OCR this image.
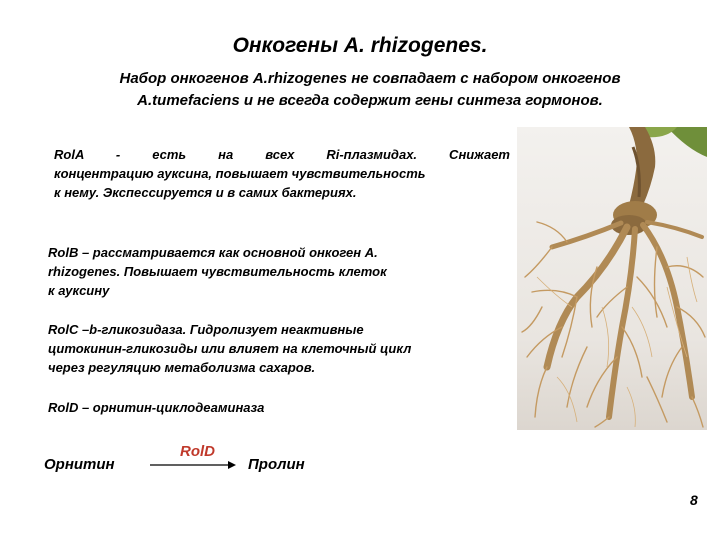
Онкогены A. rhizogenes.
Набор онкогенов A.rhizogenes не совпадает с набором онкогенов
A.tumefaciens и не всегда содержит гены синтеза гормонов.
RolA - есть на всех Ri-плазмидах. Снижает
концентрацию ауксина, повышает чувствительность
к нему. Экспессируется и в самих бактериях.
RolB – рассматривается как основной онкоген A.
rhizogenes. Повышает чувствительность клеток
к ауксину
RolC –b-гликозидаза. Гидролизует неактивные
цитокинин-гликозиды или влияет на клеточный цикл
через регуляцию метаболизма сахаров.
RolD – орнитин-циклодеаминаза
RolD
Орнитин	Пролин
8
